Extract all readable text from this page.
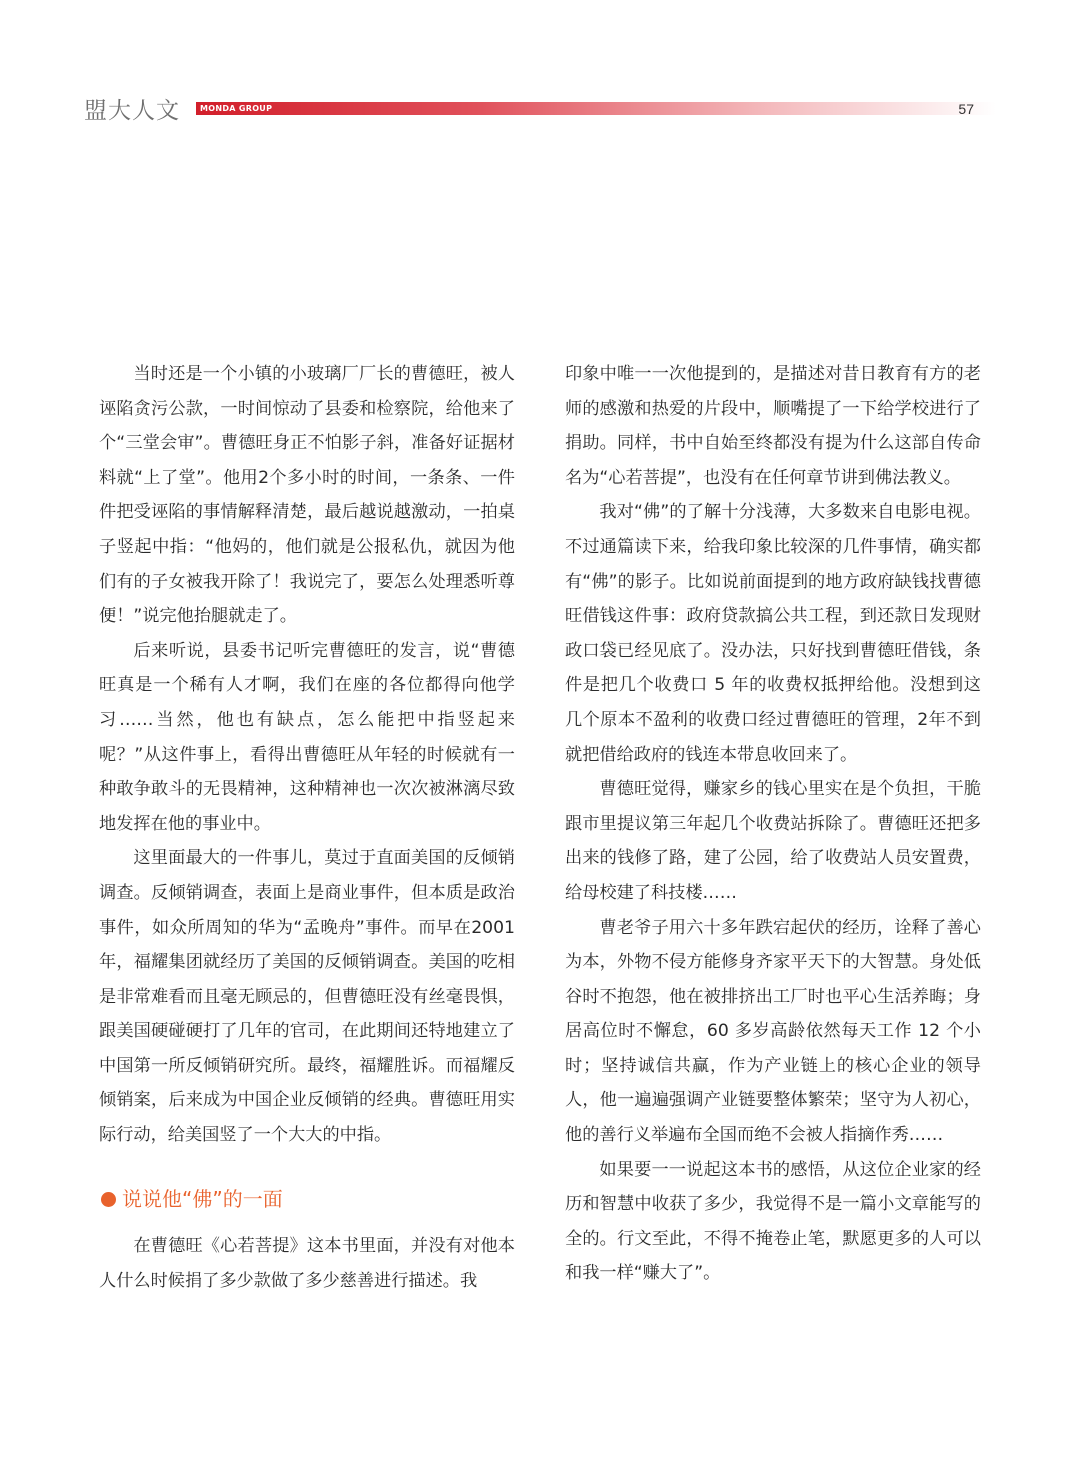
盟大人文	MONDA GROUP	57

当时还是一个小镇的小玻璃厂厂长的曹德旺，被人诬陷贪污公款，一时间惊动了县委和检察院，给他来了个“三堂会审”。曹德旺身正不怕影子斜，准备好证据材料就“上了堂”。他用2个多小时的时间，一条条、一件件把受诬陷的事情解释清楚，最后越说越激动，一拍桌子竖起中指：“他妈的，他们就是公报私仇，就因为他们有的子女被我开除了！我说完了，要怎么处理悉听尊便！”说完他抬腿就走了。

后来听说，县委书记听完曹德旺的发言，说“曹德旺真是一个稀有人才啊，我们在座的各位都得向他学习……当然，他也有缺点，怎么能把中指竖起来呢？”从这件事上，看得出曹德旺从年轻的时候就有一种敢争敢斗的无畏精神，这种精神也一次次被淋漓尽致地发挥在他的事业中。

这里面最大的一件事儿，莫过于直面美国的反倾销调查。反倾销调查，表面上是商业事件，但本质是政治事件，如众所周知的华为“孟晚舟”事件。而早在2001年，福耀集团就经历了美国的反倾销调查。美国的吃相是非常难看而且毫无顾忌的，但曹德旺没有丝毫畏惧，跟美国硬碰硬打了几年的官司，在此期间还特地建立了中国第一所反倾销研究所。最终，福耀胜诉。而福耀反倾销案，后来成为中国企业反倾销的经典。曹德旺用实际行动，给美国竖了一个大大的中指。

说说他“佛”的一面

在曹德旺《心若菩提》这本书里面，并没有对他本人什么时候捐了多少款做了多少慈善进行描述。我

印象中唯一一次他提到的，是描述对昔日教育有方的老师的感激和热爱的片段中，顺嘴提了一下给学校进行了捐助。同样，书中自始至终都没有提为什么这部自传命名为“心若菩提”，也没有在任何章节讲到佛法教义。

我对“佛”的了解十分浅薄，大多数来自电影电视。不过通篇读下来，给我印象比较深的几件事情，确实都有“佛”的影子。比如说前面提到的地方政府缺钱找曹德旺借钱这件事：政府贷款搞公共工程，到还款日发现财政口袋已经见底了。没办法，只好找到曹德旺借钱，条件是把几个收费口 5 年的收费权抵押给他。没想到这几个原本不盈利的收费口经过曹德旺的管理，2年不到就把借给政府的钱连本带息收回来了。

曹德旺觉得，赚家乡的钱心里实在是个负担，干脆跟市里提议第三年起几个收费站拆除了。曹德旺还把多出来的钱修了路，建了公园，给了收费站人员安置费，给母校建了科技楼……

曹老爷子用六十多年跌宕起伏的经历，诠释了善心为本，外物不侵方能修身齐家平天下的大智慧。身处低谷时不抱怨，他在被排挤出工厂时也平心生活养晦；身居高位时不懈怠，60 多岁高龄依然每天工作 12 个小时；坚持诚信共赢，作为产业链上的核心企业的领导人，他一遍遍强调产业链要整体繁荣；坚守为人初心，他的善行义举遍布全国而绝不会被人指摘作秀……

如果要一一说起这本书的感悟，从这位企业家的经历和智慧中收获了多少，我觉得不是一篇小文章能写的全的。行文至此，不得不掩卷止笔，默愿更多的人可以和我一样“赚大了”。
